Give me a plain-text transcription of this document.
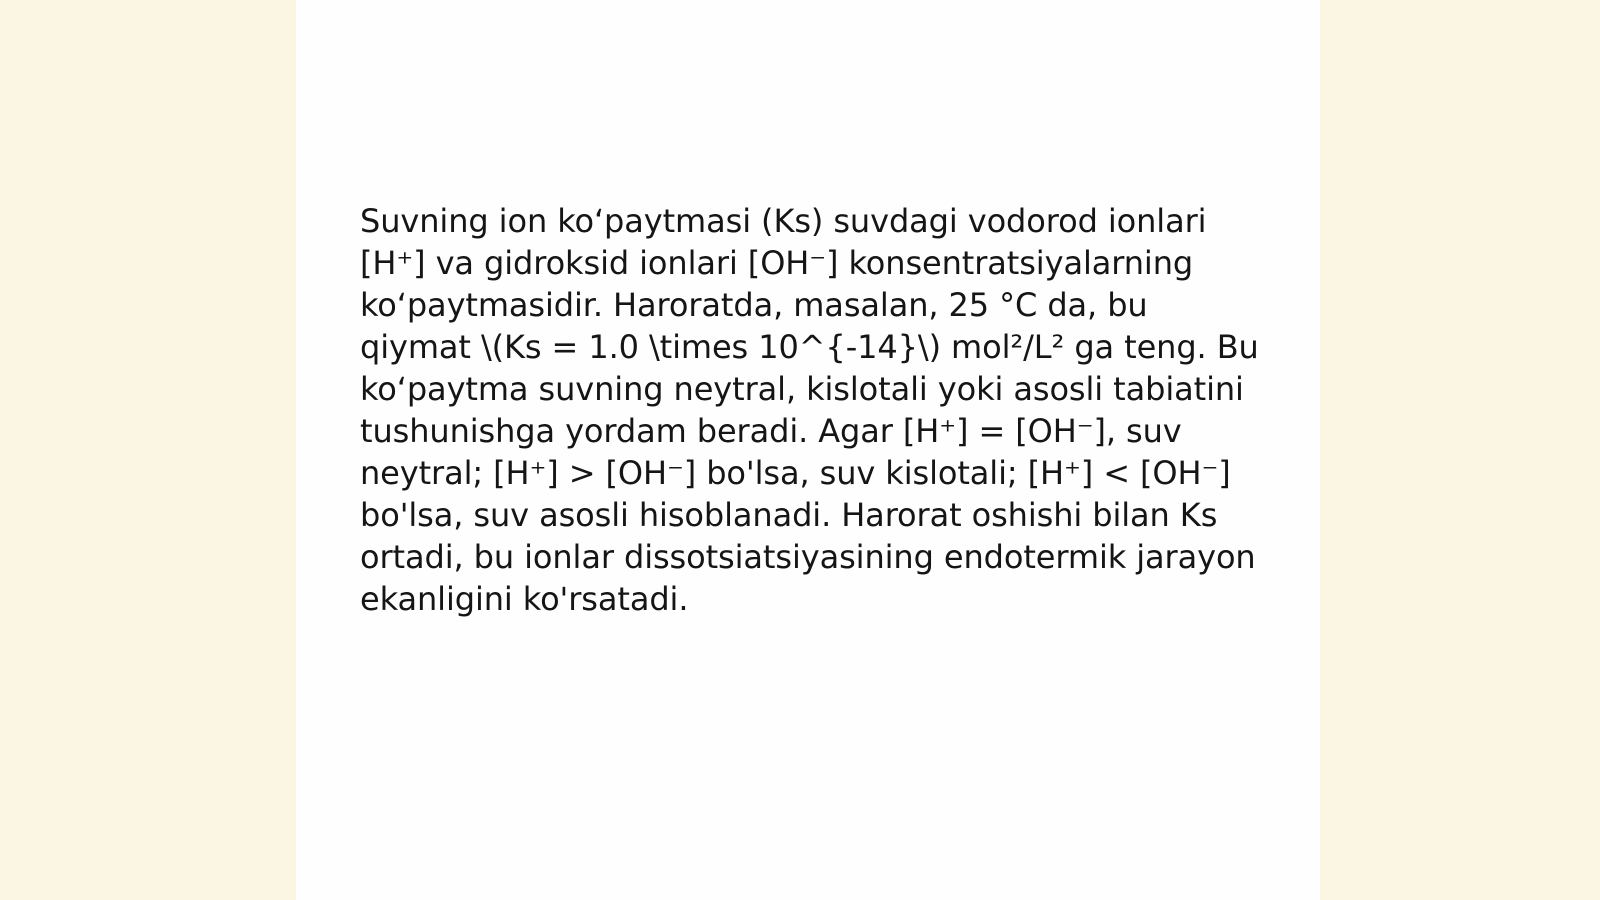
Suvning ion ko‘paytmasi (Ks) suvdagi vodorod ionlari [H⁺] va gidroksid ionlari [OH⁻] konsentratsiyalarning ko‘paytmasidir. Haroratda, masalan, 25 °C da, bu qiymat \(Ks = 1.0 \times 10^{-14}\) mol²/L² ga teng. Bu ko‘paytma suvning neytral, kislotali yoki asosli tabiatini tushunishga yordam beradi. Agar [H⁺] = [OH⁻], suv neytral; [H⁺] > [OH⁻] bo'lsa, suv kislotali; [H⁺] < [OH⁻] bo'lsa, suv asosli hisoblanadi. Harorat oshishi bilan Ks ortadi, bu ionlar dissotsiatsiyasining endotermik jarayon ekanligini ko'rsatadi.
